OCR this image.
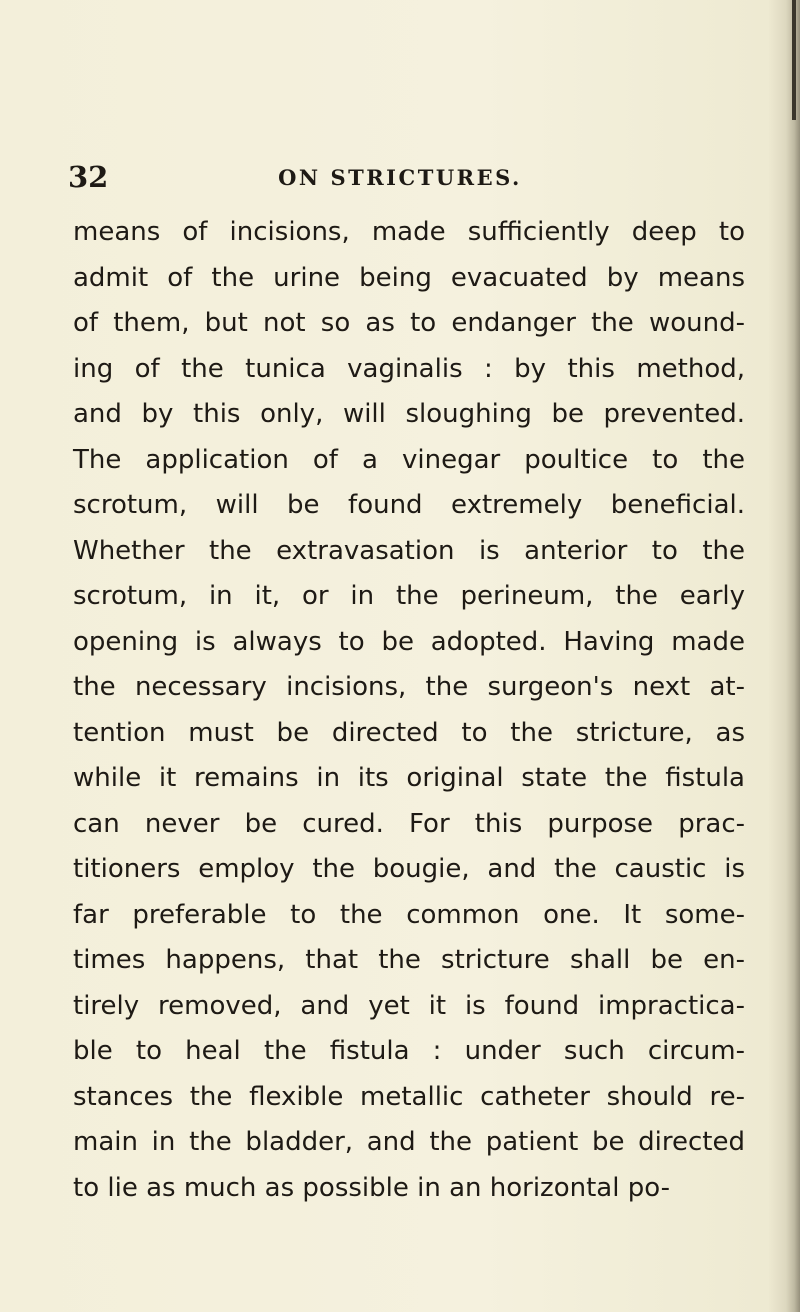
32	ON STRICTURES.
means of incisions, made sufficiently deep to
admit of the urine being evacuated by means
of them, but not so as to endanger the wound-
ing of the tunica vaginalis : by this method,
and by this only, will sloughing be prevented.
The application of a vinegar poultice to the
scrotum, will be found extremely beneficial.
Whether the extravasation is anterior to the
scrotum, in it, or in the perineum, the early
opening is always to be adopted. Having made
the necessary incisions, the surgeon's next at-
tention must be directed to the stricture, as
while it remains in its original state the fistula
can never be cured. For this purpose prac-
titioners employ the bougie, and the caustic is
far preferable to the common one. It some-
times happens, that the stricture shall be en-
tirely removed, and yet it is found impractica-
ble to heal the fistula : under such circum-
stances the flexible metallic catheter should re-
main in the bladder, and the patient be directed
to lie as much as possible in an horizontal po-
